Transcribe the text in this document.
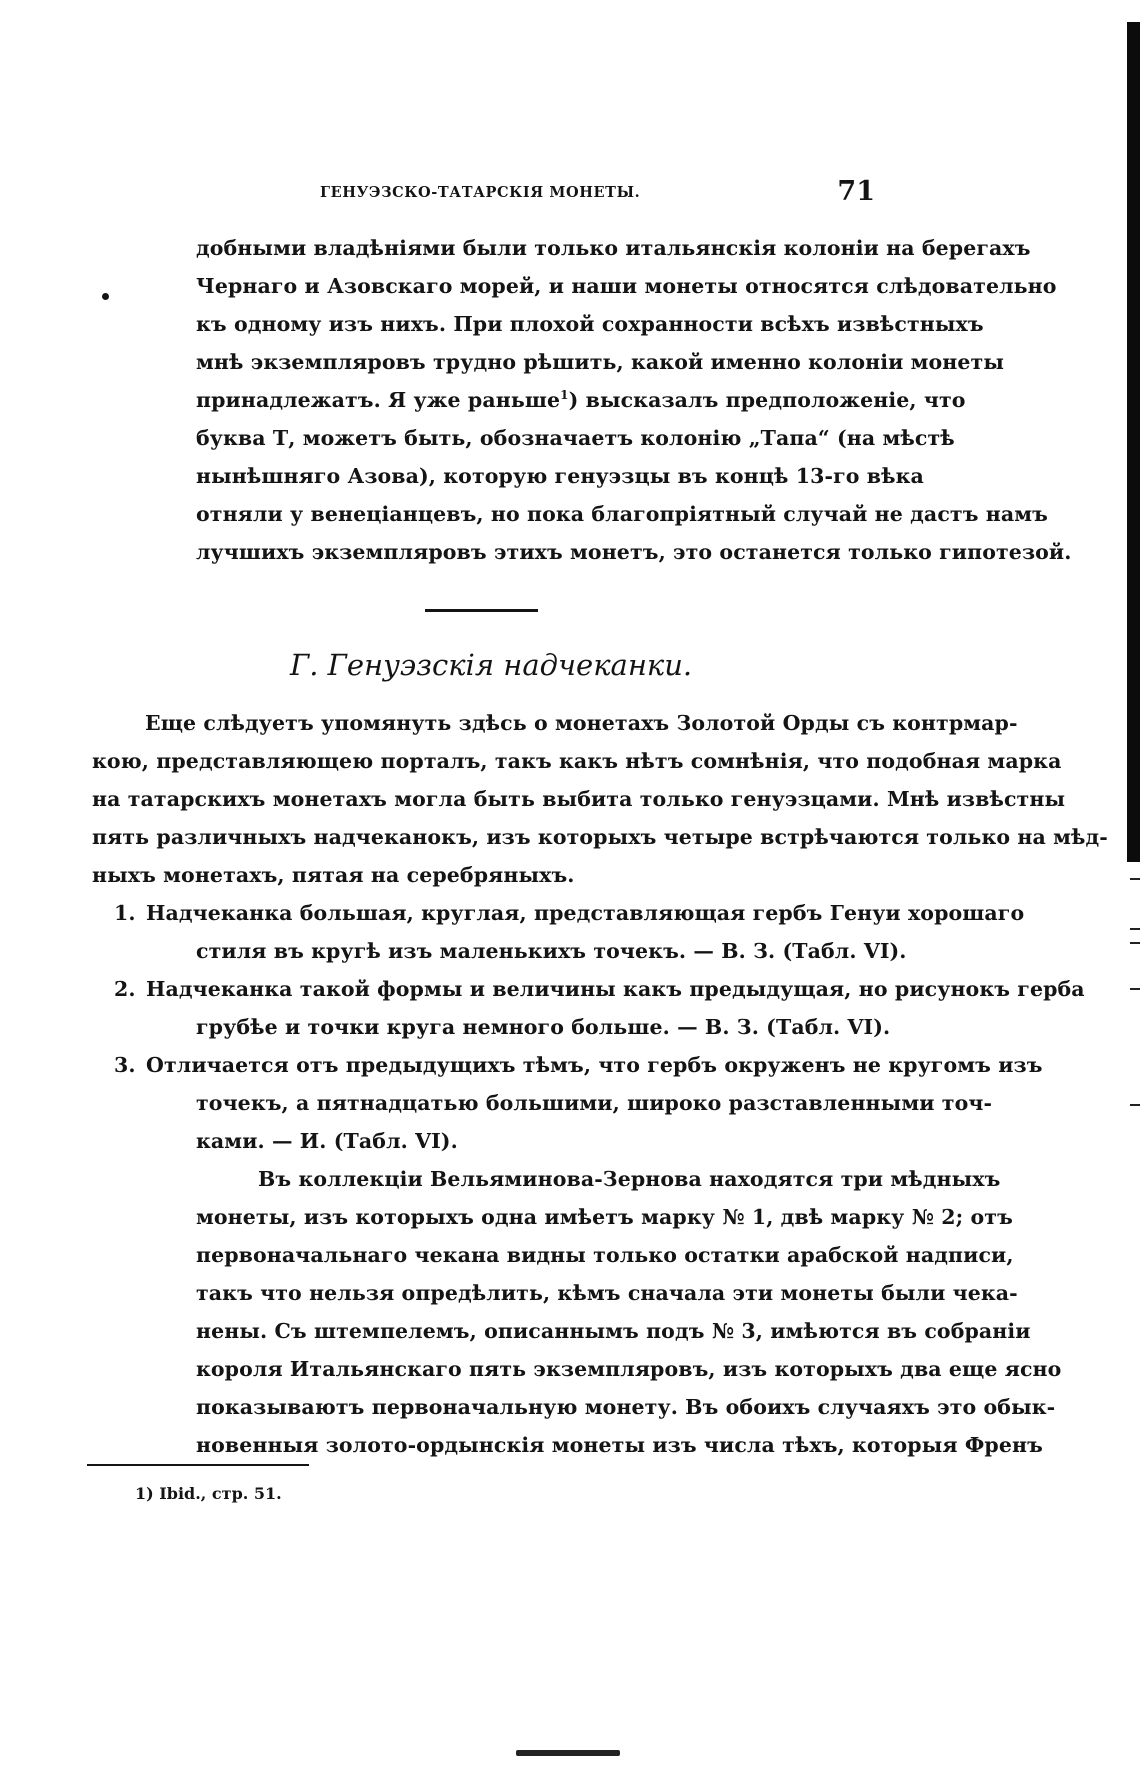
ГЕНУЭЗСКО-ТАТАРСКІЯ МОНЕТЫ.	71
добными владѣніями были только итальянскія колоніи на берегахъ
Чернаго и Азовскаго морей, и наши монеты относятся слѣдовательно
къ одному изъ нихъ. При плохой сохранности всѣхъ извѣстныхъ
мнѣ экземпляровъ трудно рѣшить, какой именно колоніи монеты
принадлежатъ. Я уже раньше$^1$ ) высказалъ предположеніе, что
буква Т, можетъ быть, обозначаетъ колонію „Тапа“ (на мѣстѣ
нынѣшняго Азова), которую генуэзцы въ концѣ 13-го вѣка
отняли у венеціанцевъ, но пока благопріятный случай не дастъ намъ
лучшихъ экземпляровъ этихъ монетъ, это останется только гипотезой.
Г. Генуэзскія надчеканки.
Еще слѣдуетъ упомянуть здѣсь о монетахъ Золотой Орды съ контрмар-
кою, представляющею порталъ, такъ какъ нѣтъ сомнѣнія, что подобная марка
на татарскихъ монетахъ могла быть выбита только генуэзцами. Мнѣ извѣстны
пять различныхъ надчеканокъ, изъ которыхъ четыре встрѣчаются только на мѣд-
ныхъ монетахъ, пятая на серебряныхъ.
1. Надчеканка большая, круглая, представляющая гербъ Генуи хорошаго
стиля въ кругѣ изъ маленькихъ точекъ. — В. З. (Табл. VI).
2. Надчеканка такой формы и величины какъ предыдущая, но рисунокъ герба
грубѣе и точки круга немного больше. — В. З. (Табл. VI).
3. Отличается отъ предыдущихъ тѣмъ, что гербъ окруженъ не кругомъ изъ
точекъ, а пятнадцатью большими, широко разставленными точ-
ками. — И. (Табл. VI).
Въ коллекціи Вельяминова-Зернова находятся три мѣдныхъ
монеты, изъ которыхъ одна имѣетъ марку № 1, двѣ марку № 2; отъ
первоначальнаго чекана видны только остатки арабской надписи,
такъ что нельзя опредѣлить, кѣмъ сначала эти монеты были чека-
нены. Съ штемпелемъ, описаннымъ подъ № 3, имѣются въ собраніи
короля Итальянскаго пять экземпляровъ, изъ которыхъ два еще ясно
показываютъ первоначальную монету. Въ обоихъ случаяхъ это обык-
новенныя золото-ордынскія монеты изъ числа тѣхъ, которыя Френъ
1) Ibid., стр. 51.
